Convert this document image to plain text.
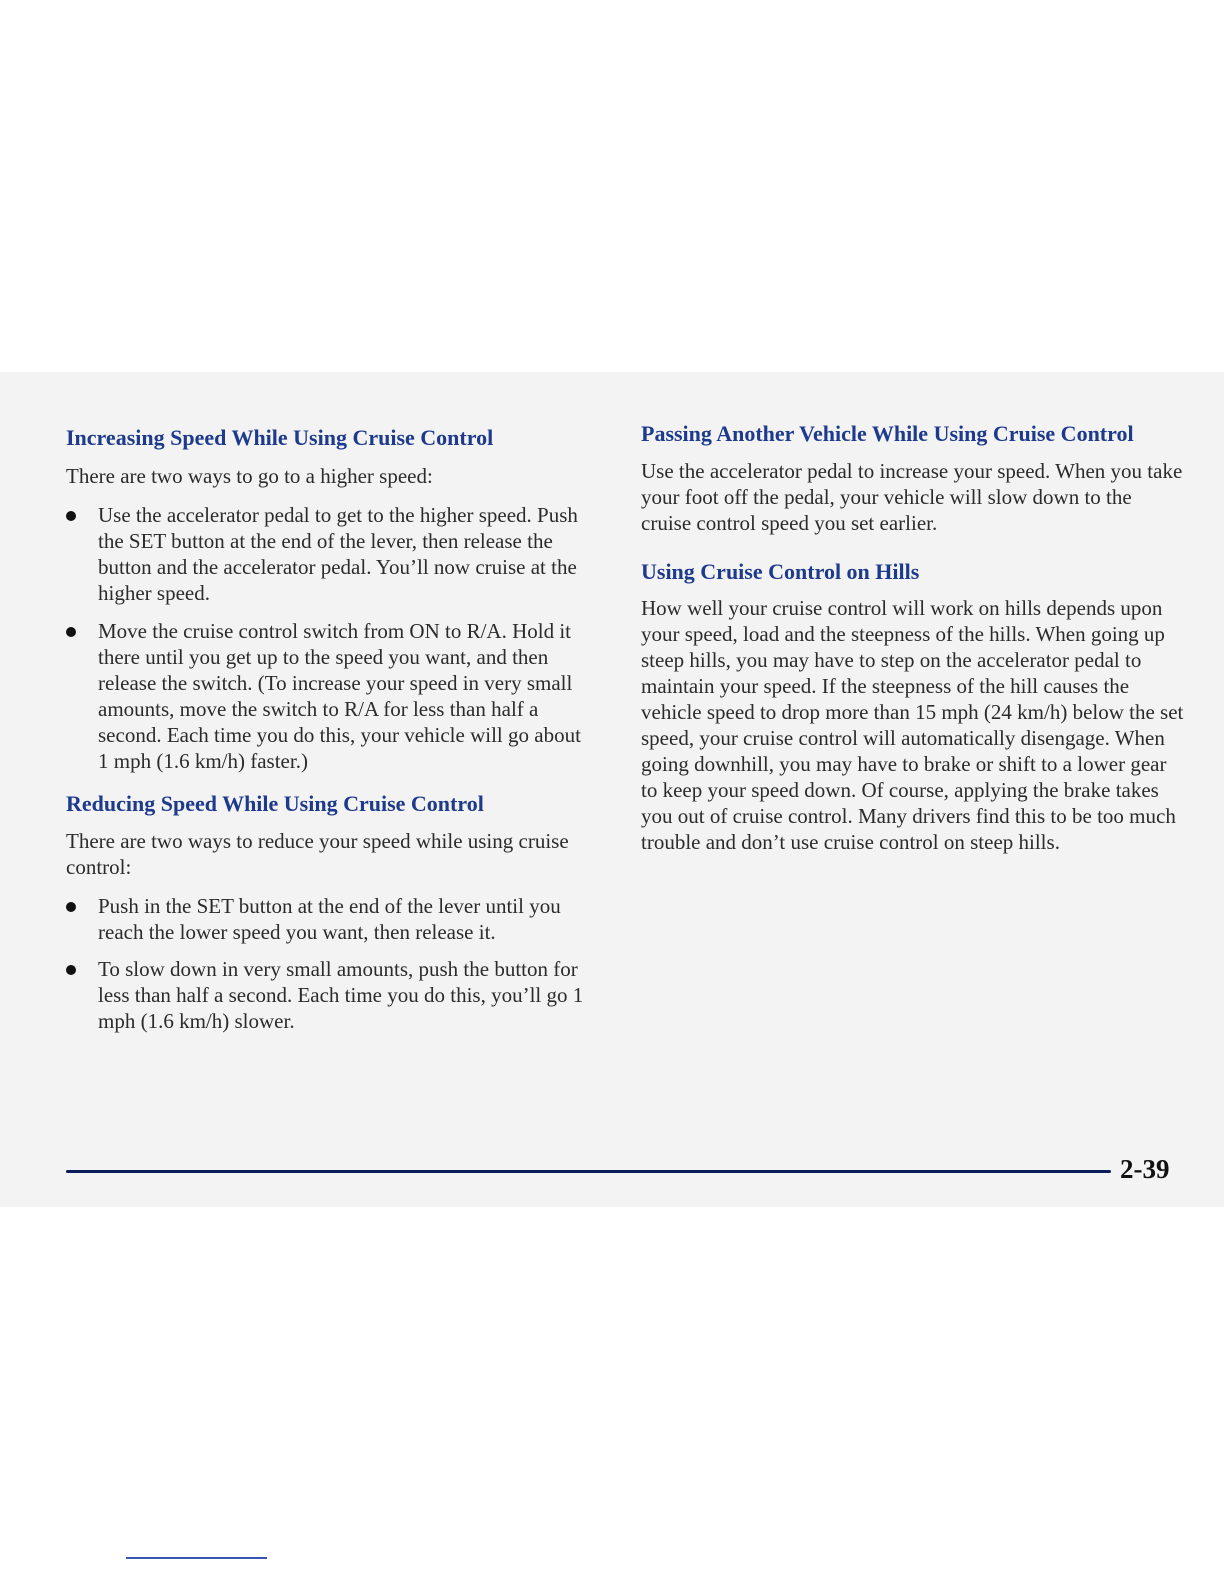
Increasing Speed While Using Cruise Control

There are two ways to go to a higher speed:

Use the accelerator pedal to get to the higher speed. Push the SET button at the end of the lever, then release the button and the accelerator pedal. You’ll now cruise at the higher speed.
Move the cruise control switch from ON to R/A. Hold it there until you get up to the speed you want, and then release the switch. (To increase your speed in very small amounts, move the switch to R/A for less than half a second. Each time you do this, your vehicle will go about 1 mph (1.6 km/h) faster.)
Reducing Speed While Using Cruise Control

There are two ways to reduce your speed while using cruise control:

Push in the SET button at the end of the lever until you reach the lower speed you want, then release it.
To slow down in very small amounts, push the button for less than half a second. Each time you do this, you’ll go 1 mph (1.6 km/h) slower.
Passing Another Vehicle While Using Cruise Control

Use the accelerator pedal to increase your speed. When you take your foot off the pedal, your vehicle will slow down to the cruise control speed you set earlier.

Using Cruise Control on Hills

How well your cruise control will work on hills depends upon your speed, load and the steepness of the hills. When going up steep hills, you may have to step on the accelerator pedal to maintain your speed. If the steepness of the hill causes the vehicle speed to drop more than 15 mph (24 km/h) below the set speed, your cruise control will automatically disengage. When going downhill, you may have to brake or shift to a lower gear to keep your speed down. Of course, applying the brake takes you out of cruise control. Many drivers find this to be too much trouble and don’t use cruise control on steep hills.

2-39
